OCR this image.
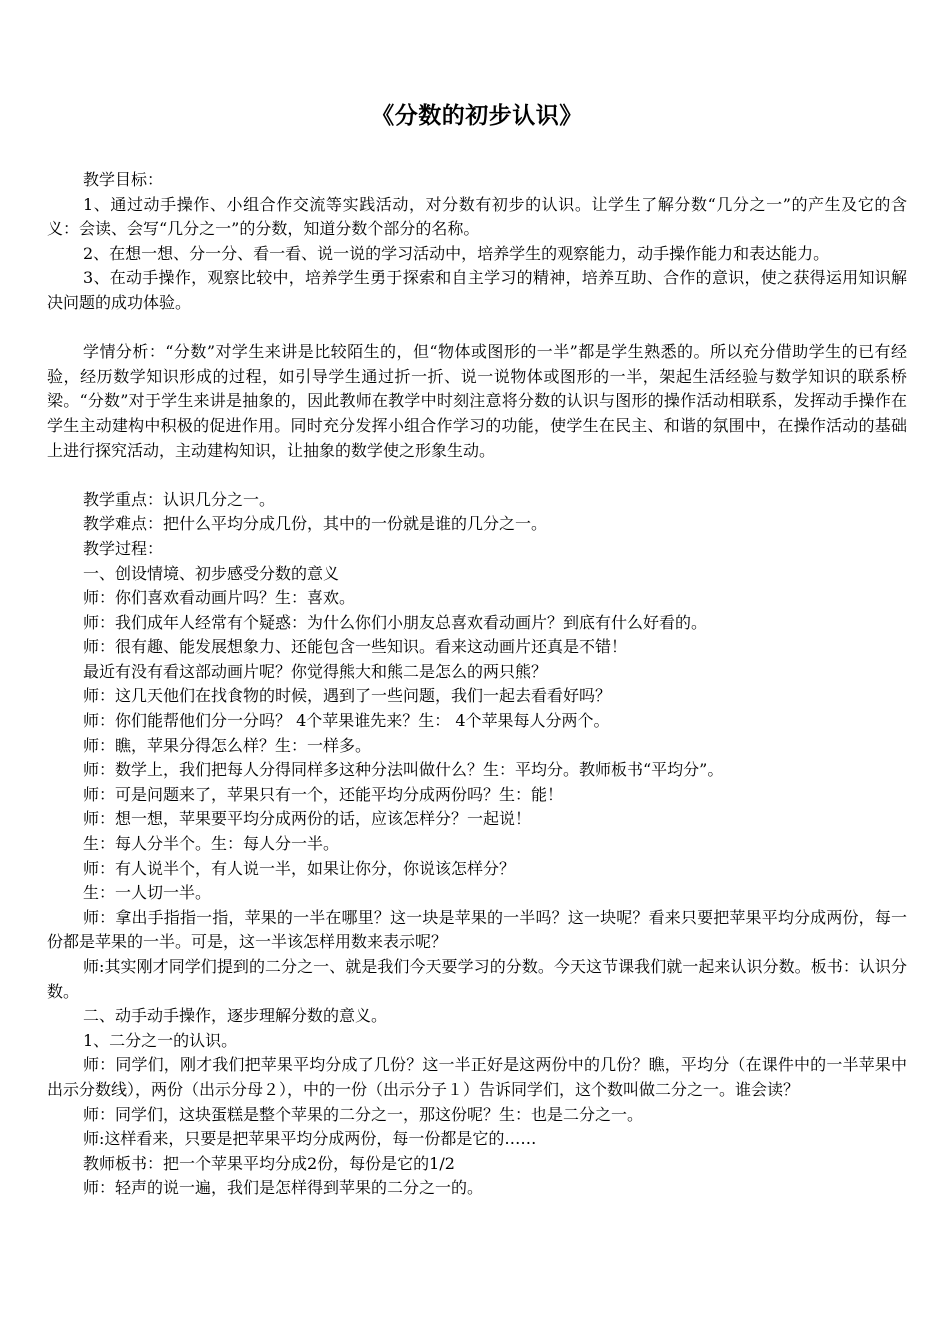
《分数的初步认识》

教学目标：

1、通过动手操作、小组合作交流等实践活动，对分数有初步的认识。让学生了解分数“几分之一”的产生及它的含义：会读、会写“几分之一”的分数，知道分数个部分的名称。

2、在想一想、分一分、看一看、说一说的学习活动中，培养学生的观察能力，动手操作能力和表达能力。

3、在动手操作，观察比较中，培养学生勇于探索和自主学习的精神，培养互助、合作的意识，使之获得运用知识解决问题的成功体验。

学情分析：“分数”对学生来讲是比较陌生的，但“物体或图形的一半”都是学生熟悉的。所以充分借助学生的已有经验，经历数学知识形成的过程，如引导学生通过折一折、说一说物体或图形的一半，架起生活经验与数学知识的联系桥梁。“分数”对于学生来讲是抽象的，因此教师在教学中时刻注意将分数的认识与图形的操作活动相联系，发挥动手操作在学生主动建构中积极的促进作用。同时充分发挥小组合作学习的功能，使学生在民主、和谐的氛围中，在操作活动的基础上进行探究活动，主动建构知识，让抽象的数学使之形象生动。

教学重点：认识几分之一。

教学难点：把什么平均分成几份，其中的一份就是谁的几分之一。

教学过程：

一、创设情境、初步感受分数的意义

师：你们喜欢看动画片吗？生：喜欢。

师：我们成年人经常有个疑惑：为什么你们小朋友总喜欢看动画片？到底有什么好看的。

师：很有趣、能发展想象力、还能包含一些知识。看来这动画片还真是不错！

最近有没有看这部动画片呢？你觉得熊大和熊二是怎么的两只熊？

师：这几天他们在找食物的时候，遇到了一些问题，我们一起去看看好吗？

师：你们能帮他们分一分吗？ 4个苹果谁先来？生： 4个苹果每人分两个。

师：瞧，苹果分得怎么样？生：一样多。

师：数学上，我们把每人分得同样多这种分法叫做什么？生：平均分。教师板书“平均分”。

师：可是问题来了，苹果只有一个，还能平均分成两份吗？生：能！

师：想一想，苹果要平均分成两份的话，应该怎样分？一起说！

生：每人分半个。生：每人分一半。

师：有人说半个，有人说一半，如果让你分，你说该怎样分？

生：一人切一半。

师：拿出手指指一指，苹果的一半在哪里？这一块是苹果的一半吗？这一块呢？看来只要把苹果平均分成两份，每一份都是苹果的一半。可是，这一半该怎样用数来表示呢？

师:其实刚才同学们提到的二分之一、就是我们今天要学习的分数。今天这节课我们就一起来认识分数。板书：认识分数。

二、动手动手操作，逐步理解分数的意义。

1、二分之一的认识。

师：同学们，刚才我们把苹果平均分成了几份？这一半正好是这两份中的几份？瞧，平均分（在课件中的一半苹果中出示分数线），两份（出示分母２），中的一份（出示分子１）告诉同学们，这个数叫做二分之一。谁会读？

师：同学们，这块蛋糕是整个苹果的二分之一，那这份呢？生：也是二分之一。

师:这样看来，只要是把苹果平均分成两份，每一份都是它的……

教师板书：把一个苹果平均分成2份，每份是它的1/2

师：轻声的说一遍，我们是怎样得到苹果的二分之一的。
